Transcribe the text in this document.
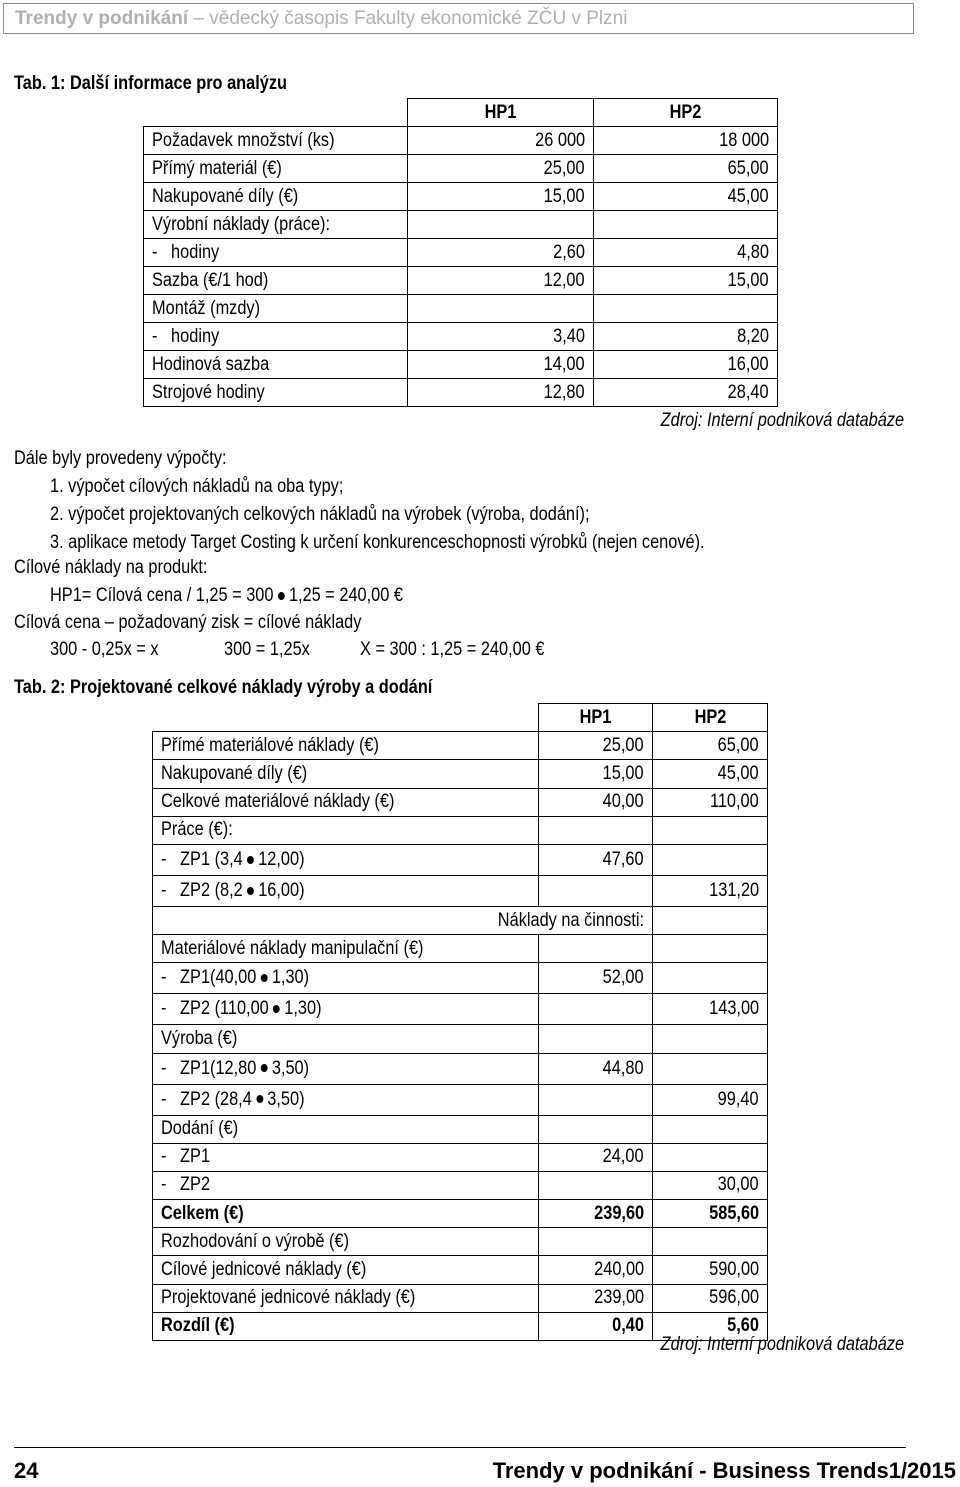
Trendy v podnikání – vědecký časopis Fakulty ekonomické ZČU v Plzni
Tab. 1: Další informace pro analýzu
	HP1	HP2
Požadavek množství (ks)	26 000	18 000
Přímý materiál (€)	25,00	65,00
Nakupované díly (€)	15,00	45,00
Výrobní náklady (práce):		
-   hodiny	2,60	4,80
Sazba (€/1 hod)	12,00	15,00
Montáž (mzdy)		
-   hodiny	3,40	8,20
Hodinová sazba	14,00	16,00
Strojové hodiny	12,80	28,40
Zdroj: Interní podniková databáze
Dále byly provedeny výpočty:
1. výpočet cílových nákladů na oba typy;
2. výpočet projektovaných celkových nákladů na výrobek (výroba, dodání);
3. aplikace metody Target Costing k určení konkurenceschopnosti výrobků (nejen cenové).
Cílové náklady na produkt:
HP1= Cílová cena / 1,25 = 300 1,25 = 240,00 €
Cílová cena – požadovaný zisk = cílové náklady
300 - 0,25x = x	300 = 1,25x	X = 300 : 1,25 = 240,00 €
Tab. 2: Projektované celkové náklady výroby a dodání
	HP1	HP2
Přímé materiálové náklady (€)	25,00	65,00
Nakupované díly (€)	15,00	45,00
Celkové materiálové náklady (€)	40,00	110,00
Práce (€):		
-   ZP1 (3,4 12,00)	47,60	
-   ZP2 (8,2 16,00)		131,20
Náklady na činnosti:		
Materiálové náklady manipulační (€)		
-   ZP1(40,00 1,30)	52,00	
-   ZP2 (110,00 1,30)		143,00
Výroba (€)		
-   ZP1(12,80 3,50)	44,80	
-   ZP2 (28,4 3,50)		99,40
Dodání (€)		
-   ZP1	24,00	
-   ZP2		30,00
Celkem (€)	239,60	585,60
Rozhodování o výrobě (€)		
Cílové jednicové náklady (€)	240,00	590,00
Projektované jednicové náklady (€)	239,00	596,00
Rozdíl (€)	0,40	5,60
Zdroj: Interní podniková databáze
24	Trendy v podnikání - Business Trends1/2015
